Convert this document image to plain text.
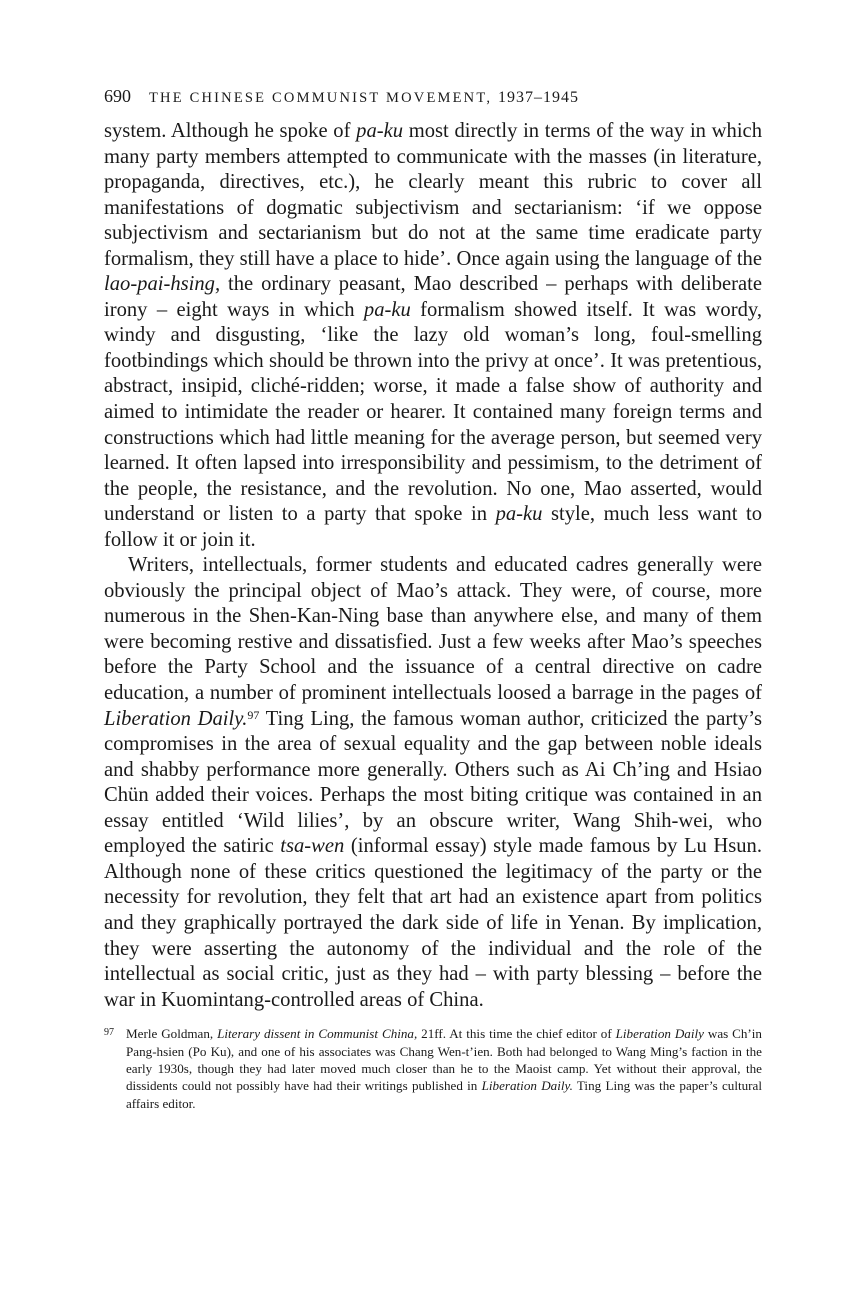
690 THE CHINESE COMMUNIST MOVEMENT, 1937–1945

system. Although he spoke of pa-ku most directly in terms of the way in which many party members attempted to communicate with the masses (in literature, propaganda, directives, etc.), he clearly meant this rubric to cover all manifestations of dogmatic subjectivism and sectarianism: ‘if we oppose subjectivism and sectarianism but do not at the same time eradicate party formalism, they still have a place to hide’. Once again using the language of the lao-pai-hsing, the ordinary peasant, Mao described – perhaps with deliberate irony – eight ways in which pa-ku formalism showed itself. It was wordy, windy and disgusting, ‘like the lazy old woman’s long, foul-smelling footbindings which should be thrown into the privy at once’. It was pretentious, abstract, insipid, cliché-ridden; worse, it made a false show of authority and aimed to intimidate the reader or hearer. It contained many foreign terms and constructions which had little meaning for the average person, but seemed very learned. It often lapsed into irresponsibility and pessimism, to the detriment of the people, the resistance, and the revolution. No one, Mao asserted, would understand or listen to a party that spoke in pa-ku style, much less want to follow it or join it.

Writers, intellectuals, former students and educated cadres generally were obviously the principal object of Mao’s attack. They were, of course, more numerous in the Shen-Kan-Ning base than anywhere else, and many of them were becoming restive and dissatisfied. Just a few weeks after Mao’s speeches before the Party School and the issuance of a central directive on cadre education, a number of prominent intellectuals loosed a barrage in the pages of Liberation Daily.$^{97}$ Ting Ling, the famous woman author, criticized the party’s compromises in the area of sexual equality and the gap between noble ideals and shabby performance more generally. Others such as Ai Ch’ing and Hsiao Chün added their voices. Perhaps the most biting critique was contained in an essay entitled ‘Wild lilies’, by an obscure writer, Wang Shih-wei, who employed the satiric tsa-wen (informal essay) style made famous by Lu Hsun. Although none of these critics questioned the legitimacy of the party or the necessity for revolution, they felt that art had an existence apart from politics and they graphically portrayed the dark side of life in Yenan. By implication, they were asserting the autonomy of the individual and the role of the intellectual as social critic, just as they had – with party blessing – before the war in Kuomintang-controlled areas of China.

97 Merle Goldman, Literary dissent in Communist China, 21ff. At this time the chief editor of Liberation Daily was Ch’in Pang-hsien (Po Ku), and one of his associates was Chang Wen-t’ien. Both had belonged to Wang Ming’s faction in the early 1930s, though they had later moved much closer than he to the Maoist camp. Yet without their approval, the dissidents could not possibly have had their writings published in Liberation Daily. Ting Ling was the paper’s cultural affairs editor.
